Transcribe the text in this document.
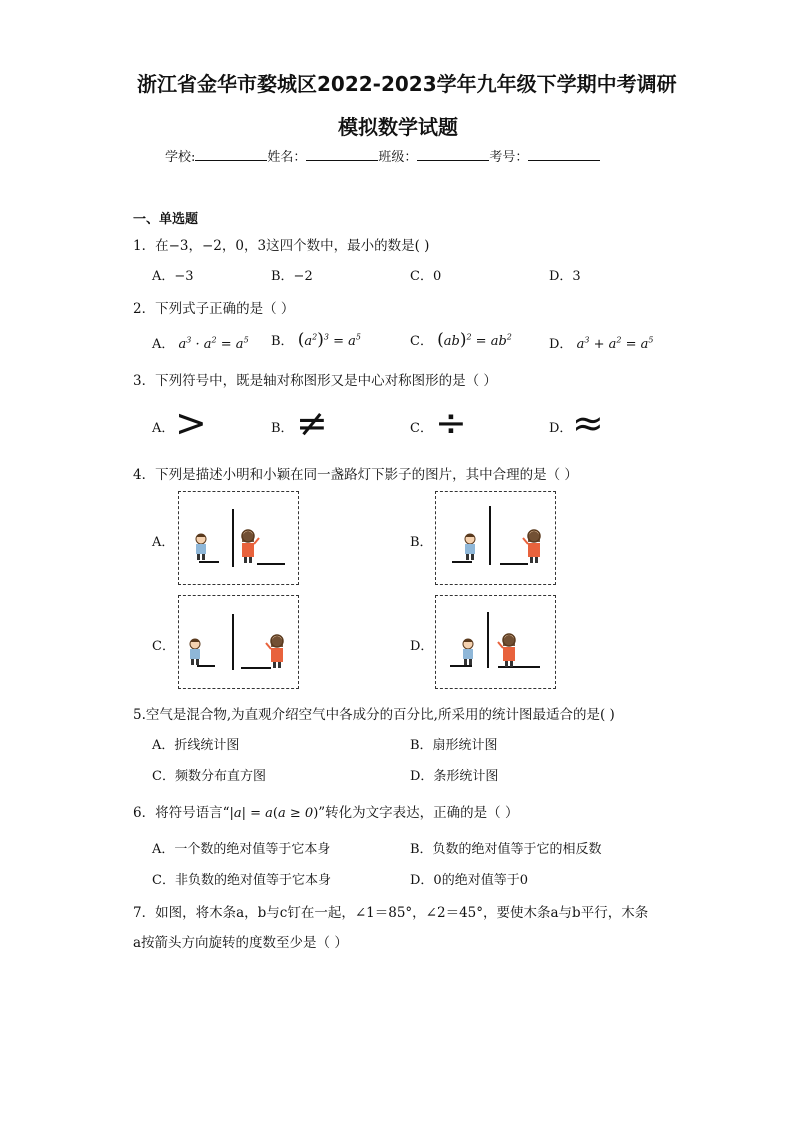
浙江省金华市婺城区2022-2023学年九年级下学期中考调研
模拟数学试题
学校:	姓名：	班级：	考号：
一、单选题
1．在−3，−2，0，3这四个数中，最小的数是( )
A．−3	B．−2	C．0	D．3
2．下列式子正确的是（ ）
A． $a^3 \cdot a^2 = a^5$ B． $(a^2)^3 = a^5$	C． $(ab)^2 = ab^2$	D． $a^3 + a^2 = a^5$
3．下列符号中，既是轴对称图形又是中心对称图形的是（ ）
A． >	B． ≠	C． ÷	D． ≈
4．下列是描述小明和小颖在同一盏路灯下影子的图片，其中合理的是（ ）
A．	B．
C．	D．
5.空气是混合物,为直观介绍空气中各成分的百分比,所采用的统计图最适合的是( )
A．折线统计图	B．扇形统计图
C．频数分布直方图	D．条形统计图
6．将符号语言“|a| = a(a ≥ 0)”转化为文字表达，正确的是（ ）
A．一个数的绝对值等于它本身	B．负数的绝对值等于它的相反数
C．非负数的绝对值等于它本身	D．0的绝对值等于0
7．如图，将木条a，b与c钉在一起，∠1＝85°，∠2＝45°，要使木条a与b平行，木条
a按箭头方向旋转的度数至少是（ ）
